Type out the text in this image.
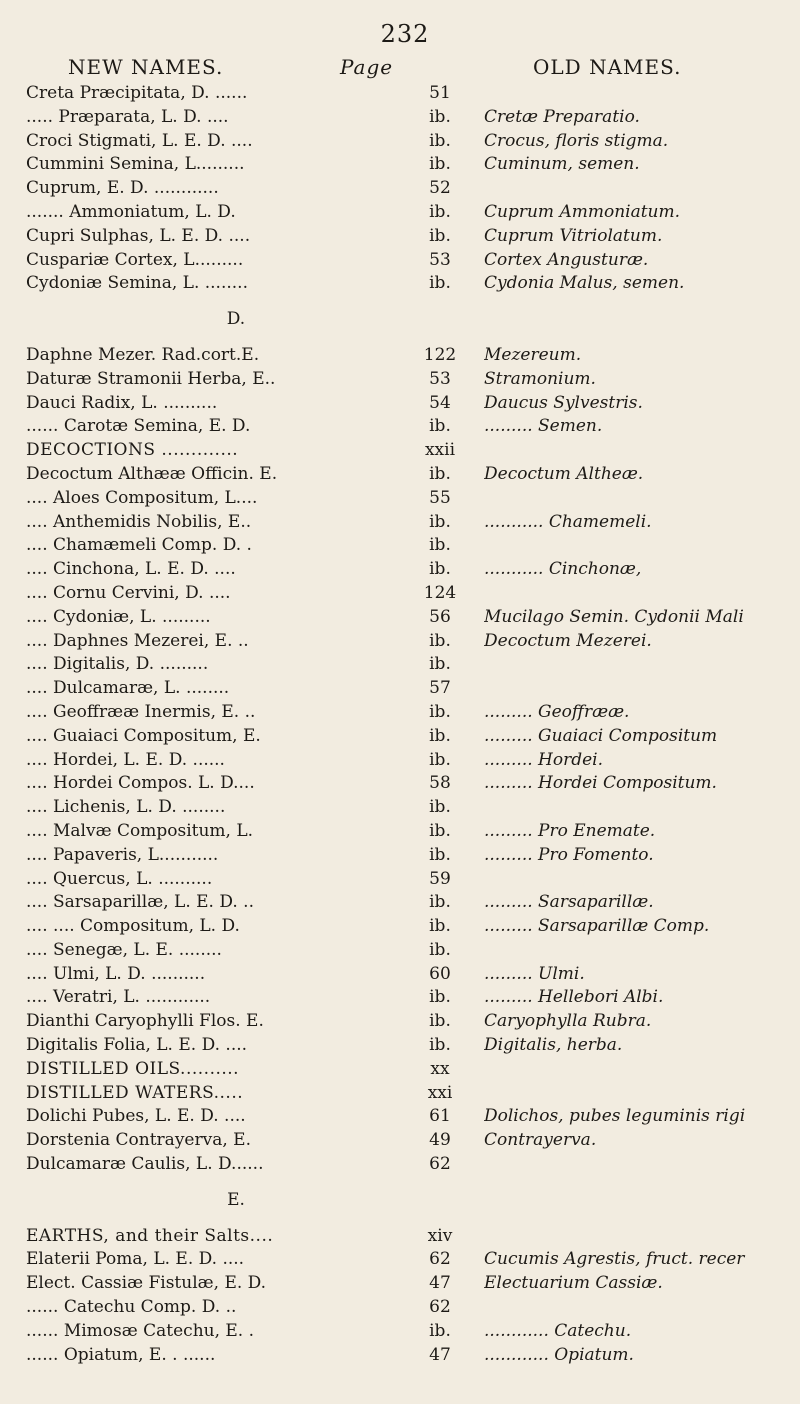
232
NEW NAMES.	Page	OLD NAMES.
Creta Præcipitata, D. ......	51
..... Præparata, L. D. ....	ib.	Cretæ Preparatio.
Croci Stigmati, L. E. D. ....	ib.	Crocus, floris stigma.
Cummini Semina, L.........	ib.	Cuminum, semen.
Cuprum, E. D. ............	52
....... Ammoniatum, L. D.	ib.	Cuprum Ammoniatum.
Cupri Sulphas, L. E. D. ....	ib.	Cuprum Vitriolatum.
Cuspariæ Cortex, L.........	53	Cortex Angusturæ.
Cydoniæ Semina, L. ........	ib.	Cydonia Malus, semen.
D.
Daphne Mezer. Rad.cort.E.	122	Mezereum.
Daturæ Stramonii Herba, E..	53	Stramonium.
Dauci Radix, L. ..........	54	Daucus Sylvestris.
...... Carotæ Semina, E. D.	ib.	......... Semen.
DECOCTIONS .............	xxii
Decoctum Althææ Officin. E.	ib.	Decoctum Altheæ.
.... Aloes Compositum, L....	55
.... Anthemidis Nobilis, E..	ib.	........... Chamemeli.
.... Chamæmeli Comp. D. .	ib.
.... Cinchona, L. E. D. ....	ib.	........... Cinchonæ,
.... Cornu Cervini, D. ....	124
.... Cydoniæ, L. .........	56	Mucilago Semin. Cydonii Mali
.... Daphnes Mezerei, E. ..	ib.	Decoctum Mezerei.
.... Digitalis, D. .........	ib.
.... Dulcamaræ, L. ........	57
.... Geoffrææ Inermis, E. ..	ib.	......... Geoffrææ.
.... Guaiaci Compositum, E.	ib.	......... Guaiaci Compositum
.... Hordei, L. E. D. ......	ib.	......... Hordei.
.... Hordei Compos. L. D....	58	......... Hordei Compositum.
.... Lichenis, L. D. ........	ib.
.... Malvæ Compositum, L.	ib.	......... Pro Enemate.
.... Papaveris, L...........	ib.	......... Pro Fomento.
.... Quercus, L. ..........	59
.... Sarsaparillæ, L. E. D. ..	ib.	......... Sarsaparillæ.
.... .... Compositum, L. D.	ib.	......... Sarsaparillæ Comp.
.... Senegæ, L. E. ........	ib.
.... Ulmi, L. D. ..........	60	......... Ulmi.
.... Veratri, L. ............	ib.	......... Hellebori Albi.
Dianthi Caryophylli Flos. E.	ib.	Caryophylla Rubra.
Digitalis Folia, L. E. D. ....	ib.	Digitalis, herba.
DISTILLED OILS..........	xx
DISTILLED WATERS.....	xxi
Dolichi Pubes, L. E. D. ....	61	Dolichos, pubes leguminis rigi
Dorstenia Contrayerva, E.	49	Contrayerva.
Dulcamaræ Caulis, L. D......	62
E.
EARTHS, and their Salts....	xiv
Elaterii Poma, L. E. D. ....	62	Cucumis Agrestis, fruct. recer
Elect. Cassiæ Fistulæ, E. D.	47	Electuarium Cassiæ.
...... Catechu Comp. D. ..	62
...... Mimosæ Catechu, E. .	ib.	............ Catechu.
...... Opiatum, E. . ......	47	............ Opiatum.
